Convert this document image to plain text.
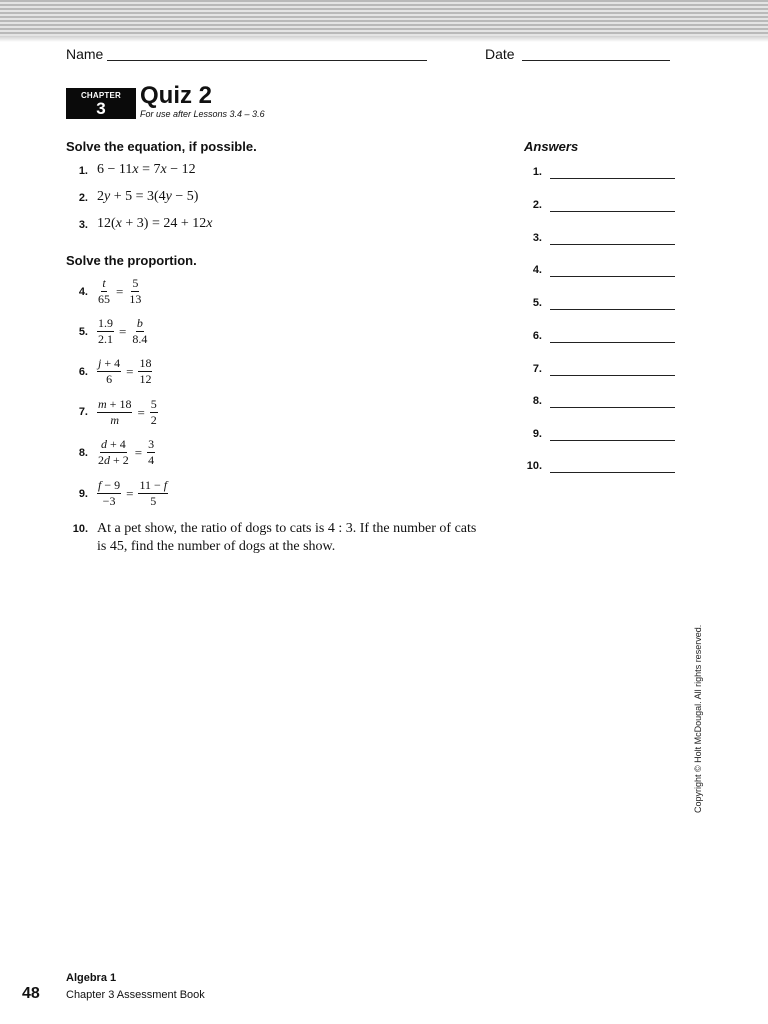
Name	Date
CHAPTER
3	Quiz 2
For use after Lessons 3.4 – 3.6
Solve the equation, if possible.
1. 6 − 11x = 7x − 12
2. 2y + 5 = 3(4y − 5)
3. 12(x + 3) = 24 + 12x
Solve the proportion.
4. $\frac{t}{65} = \frac{5}{13}$
5. $\frac{1.9}{2.1} = \frac{b}{8.4}$
6. $\frac{j + 4}{6} = \frac{18}{12}$
7. $\frac{m + 18}{m} = \frac{5}{2}$
8. $\frac{d + 4}{2d + 2} = \frac{3}{4}$
9. $\frac{f - 9}{-3} = \frac{11 - f}{5}$
10. At a pet show, the ratio of dogs to cats is 4 : 3. If the number of cats is 45, find the number of dogs at the show.
Answers
1.
2.
3.
4.
5.
6.
7.
8.
9.
10.
Copyright © Holt McDougal. All rights reserved.
48
Algebra 1
Chapter 3 Assessment Book
